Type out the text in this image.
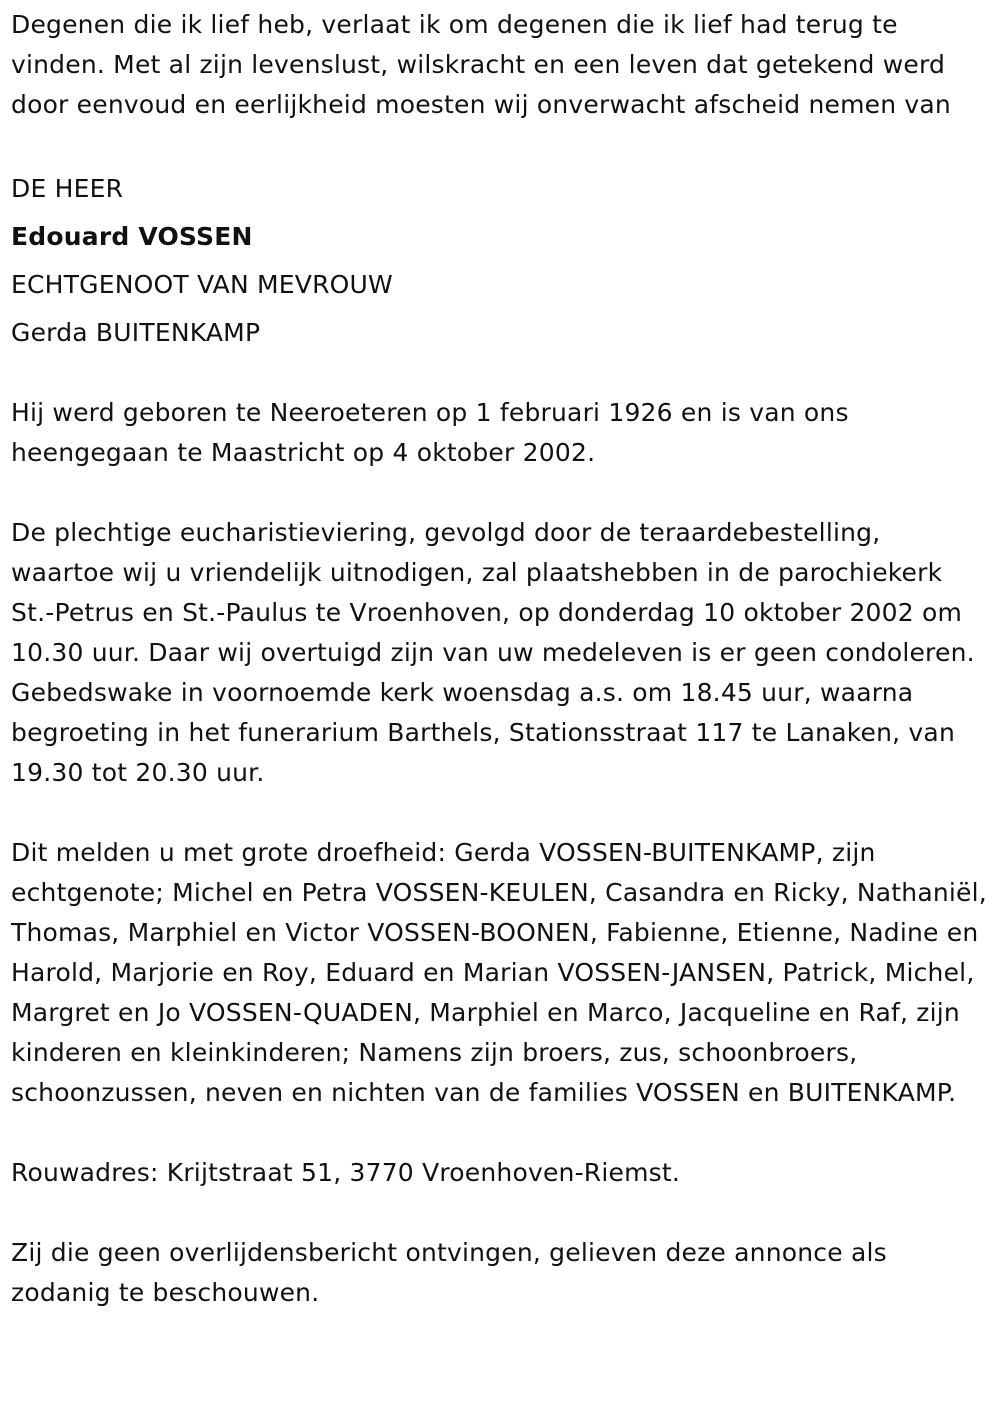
Degenen die ik lief heb, verlaat ik om degenen die ik lief had terug te vinden. Met al zijn levenslust, wilskracht en een leven dat getekend werd door eenvoud en eerlijkheid moesten wij onverwacht afscheid nemen van

DE HEER

Edouard VOSSEN

ECHTGENOOT VAN MEVROUW

Gerda BUITENKAMP

Hij werd geboren te Neeroeteren op 1 februari 1926 en is van ons heengegaan te Maastricht op 4 oktober 2002.

De plechtige eucharistieviering, gevolgd door de teraardebestelling, waartoe wij u vriendelijk uitnodigen, zal plaatshebben in de parochiekerk St.-Petrus en St.-Paulus te Vroenhoven, op donderdag 10 oktober 2002 om 10.30 uur. Daar wij overtuigd zijn van uw medeleven is er geen condoleren. Gebedswake in voornoemde kerk woensdag a.s. om 18.45 uur, waarna begroeting in het funerarium Barthels, Stationsstraat 117 te Lanaken, van 19.30 tot 20.30 uur.

Dit melden u met grote droefheid: Gerda VOSSEN-BUITENKAMP, zijn echtgenote; Michel en Petra VOSSEN-KEULEN, Casandra en Ricky, Nathaniël, Thomas, Marphiel en Victor VOSSEN-BOONEN, Fabienne, Etienne, Nadine en Harold, Marjorie en Roy, Eduard en Marian VOSSEN-JANSEN, Patrick, Michel, Margret en Jo VOSSEN-QUADEN, Marphiel en Marco, Jacqueline en Raf, zijn kinderen en kleinkinderen; Namens zijn broers, zus, schoonbroers, schoonzussen, neven en nichten van de families VOSSEN en BUITENKAMP.

Rouwadres: Krijtstraat 51, 3770 Vroenhoven-Riemst.

Zij die geen overlijdensbericht ontvingen, gelieven deze annonce als zodanig te beschouwen.
